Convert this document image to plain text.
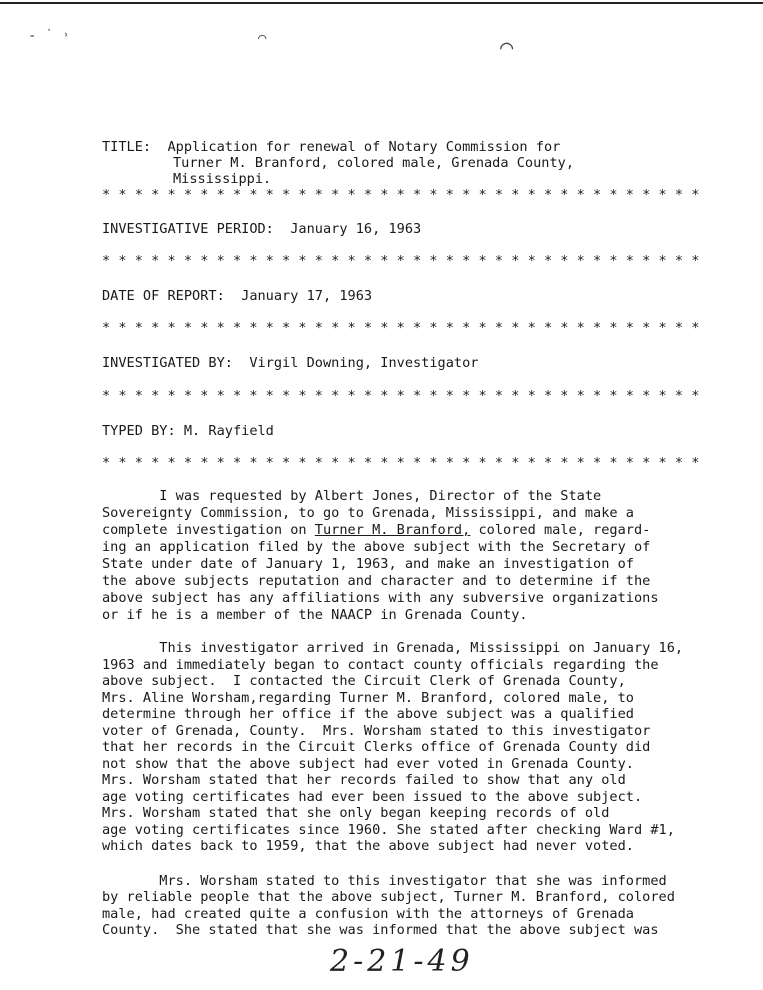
- ˙ ˒	⌒	◠
TITLE: Application for renewal of Notary Commission for
Turner M. Branford, colored male, Grenada County,
Mississippi.
* * * * * * * * * * * * * * * * * * * * * * * * * * * * * * * * * * * * *
INVESTIGATIVE PERIOD:  January 16, 1963
* * * * * * * * * * * * * * * * * * * * * * * * * * * * * * * * * * * * *
DATE OF REPORT:  January 17, 1963
* * * * * * * * * * * * * * * * * * * * * * * * * * * * * * * * * * * * *
INVESTIGATED BY:  Virgil Downing, Investigator
* * * * * * * * * * * * * * * * * * * * * * * * * * * * * * * * * * * * *
TYPED BY: M. Rayfield
* * * * * * * * * * * * * * * * * * * * * * * * * * * * * * * * * * * * *
I was requested by Albert Jones, Director of the State
Sovereignty Commission, to go to Grenada, Mississippi, and make a
complete investigation on Turner M. Branford, colored male, regard-
ing an application filed by the above subject with the Secretary of
State under date of January 1, 1963, and make an investigation of
the above subjects reputation and character and to determine if the
above subject has any affiliations with any subversive organizations
or if he is a member of the NAACP in Grenada County.
This investigator arrived in Grenada, Mississippi on January 16,
1963 and immediately began to contact county officials regarding the
above subject.  I contacted the Circuit Clerk of Grenada County,
Mrs. Aline Worsham,regarding Turner M. Branford, colored male, to
determine through her office if the above subject was a qualified
voter of Grenada, County.  Mrs. Worsham stated to this investigator
that her records in the Circuit Clerks office of Grenada County did
not show that the above subject had ever voted in Grenada County.
Mrs. Worsham stated that her records failed to show that any old
age voting certificates had ever been issued to the above subject.
Mrs. Worsham stated that she only began keeping records of old
age voting certificates since 1960. She stated after checking Ward #1,
which dates back to 1959, that the above subject had never voted.
Mrs. Worsham stated to this investigator that she was informed
by reliable people that the above subject, Turner M. Branford, colored
male, had created quite a confusion with the attorneys of Grenada
County.  She stated that she was informed that the above subject was
2-21-49
